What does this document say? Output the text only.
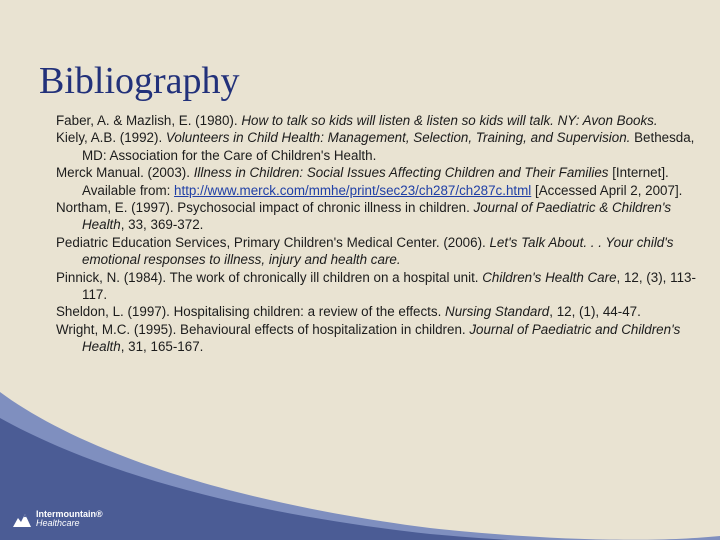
Bibliography
Faber, A. & Mazlish, E. (1980). How to talk so kids will listen & listen so kids will talk. NY: Avon Books.
Kiely, A.B. (1992). Volunteers in Child Health: Management, Selection, Training, and Supervision. Bethesda, MD: Association for the Care of Children's Health.
Merck Manual. (2003). Illness in Children: Social Issues Affecting Children and Their Families [Internet]. Available from: http://www.merck.com/mmhe/print/sec23/ch287/ch287c.html [Accessed April 2, 2007].
Northam, E. (1997). Psychosocial impact of chronic illness in children. Journal of Paediatric & Children's Health, 33, 369-372.
Pediatric Education Services, Primary Children's Medical Center. (2006). Let's Talk About. . . Your child's emotional responses to illness, injury and health care.
Pinnick, N. (1984). The work of chronically ill children on a hospital unit. Children's Health Care, 12, (3), 113-117.
Sheldon, L. (1997). Hospitalising children: a review of the effects. Nursing Standard, 12, (1), 44-47.
Wright, M.C. (1995). Behavioural effects of hospitalization in children. Journal of Paediatric and Children's Health, 31, 165-167.
Intermountain®
Healthcare
